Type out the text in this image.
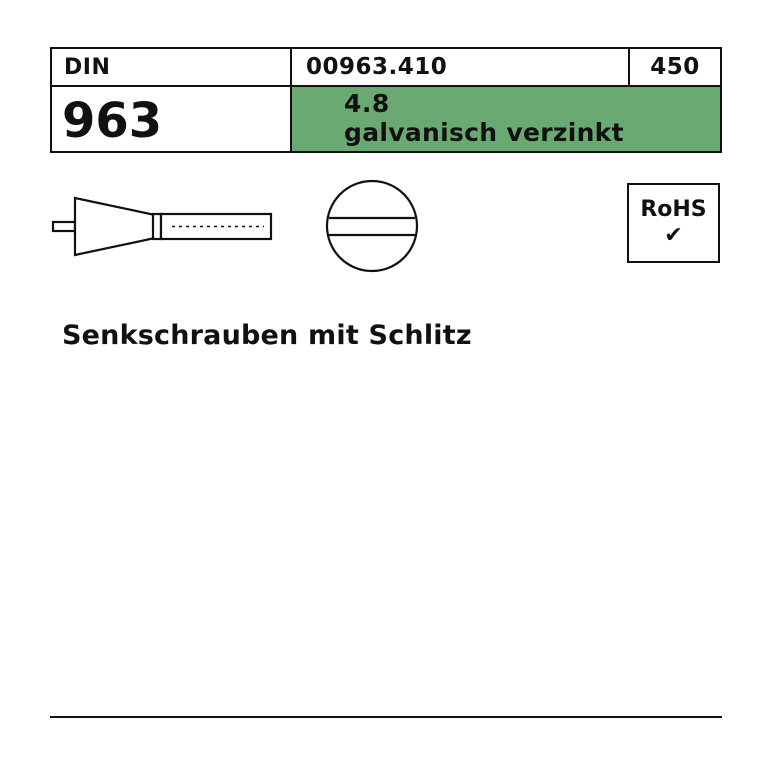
DIN	00963.410	450
963	4.8
galvanisch verzinkt
RoHS
✔
Senkschrauben mit Schlitz
